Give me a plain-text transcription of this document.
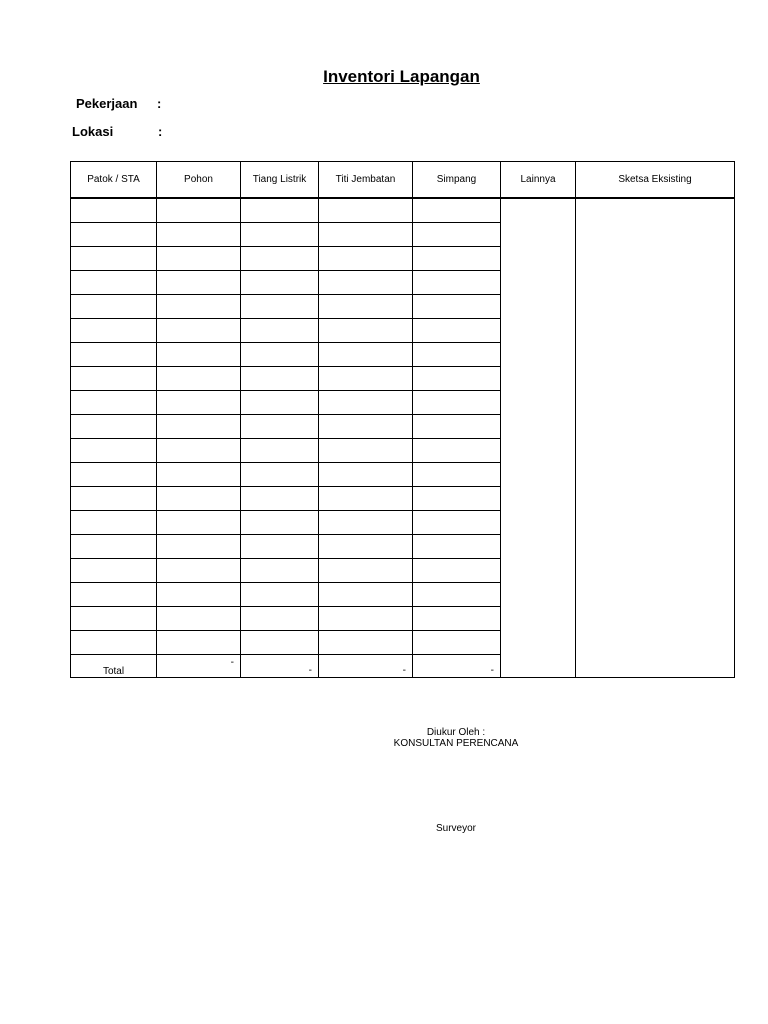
Inventori Lapangan
Pekerjaan :
Lokasi	:
Patok / STA	Pohon	Tiang Listrik	Titi Jembatan	Simpang	Lainnya	Sketsa Eksisting

Total	-	-	-	-		
Diukur Oleh :
KONSULTAN PERENCANA
Surveyor
